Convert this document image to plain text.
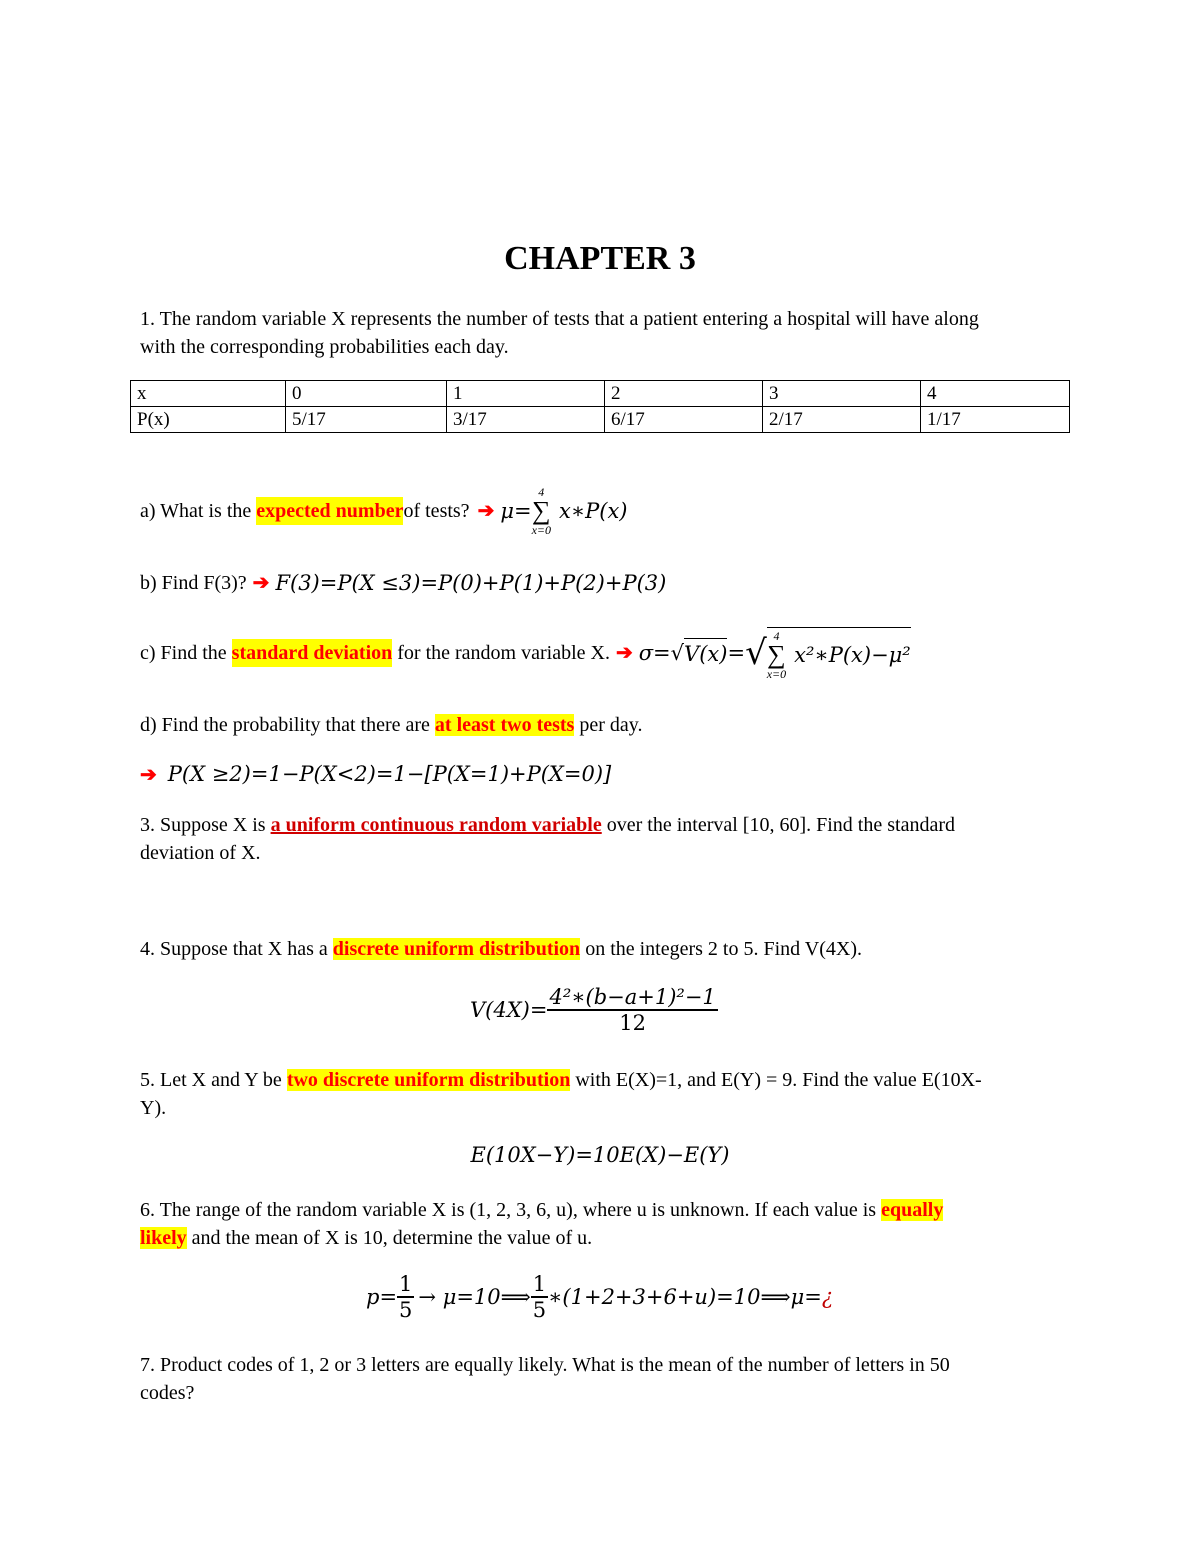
CHAPTER 3
1. The random variable X represents the number of tests that a patient entering a hospital will have along
with the corresponding probabilities each day.
x	0	1	2	3	4
P(x)	5/17	3/17	6/17	2/17	1/17
a) What is the expected number of tests? ➔ μ=
4
∑
x=0
x∗P(x)
b) Find F(3)? ➔ F(3)=P(X ≤3)=P(0)+P(1)+P(2)+P(3)
c) Find the standard deviation for the random variable X. ➔ σ= √ V(x) = √ 4
∑
x=0
x²∗P(x)−μ²
d) Find the probability that there are at least two tests per day.
➔ P(X ≥2)=1−P(X<2)=1−[P(X=1)+P(X=0)]
3. Suppose X is a uniform continuous random variable over the interval [10, 60]. Find the standard
deviation of X.
4. Suppose that X has a discrete uniform distribution on the integers 2 to 5. Find V(4X).
$V(4X)= \frac{\text{4²∗(b−a+1)²−1}}{12}$
5. Let X and Y be two discrete uniform distribution with E(X)=1, and E(Y) = 9. Find the value E(10X-
Y).
E(10X−Y)=10E(X)−E(Y)
6. The range of the random variable X is (1, 2, 3, 6, u), where u is unknown. If each value is equally
likely and the mean of X is 10, determine the value of u.
$p= \frac{1}{5}$ → μ=10⟹ $\frac{1}{5}$ ∗(1+2+3+6+u)=10⟹μ= ¿
7. Product codes of 1, 2 or 3 letters are equally likely. What is the mean of the number of letters in 50
codes?
